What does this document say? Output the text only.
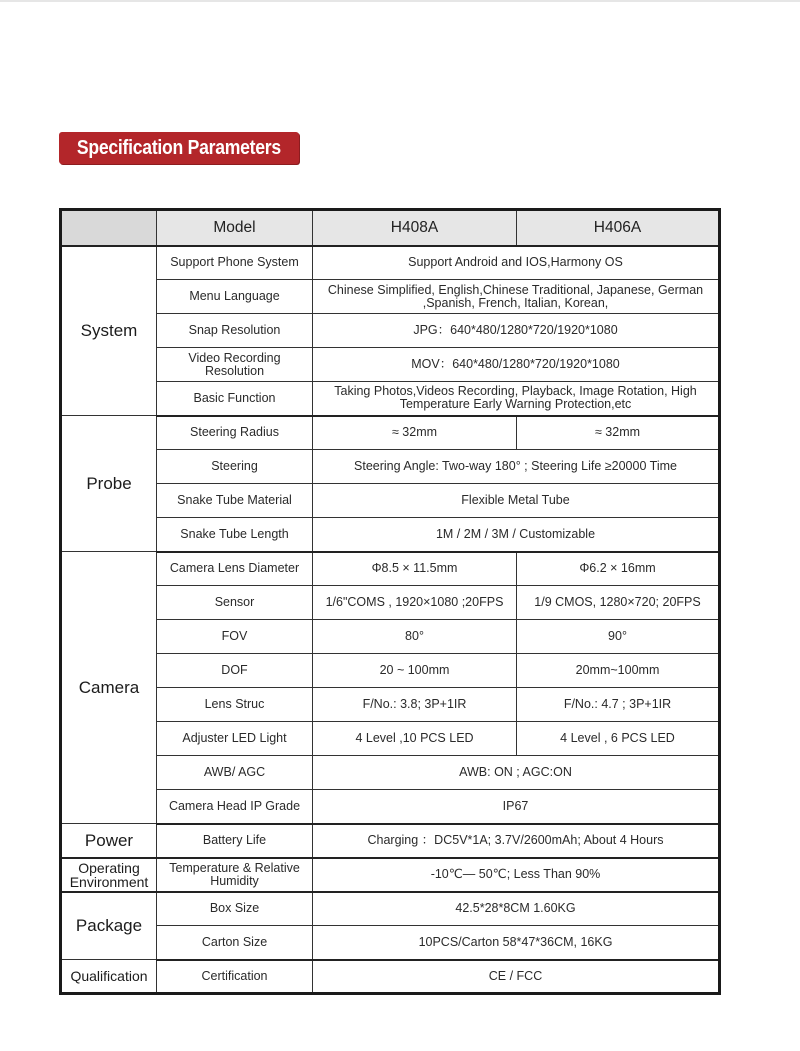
Specification Parameters
	Model	H408A	H406A
System	Support Phone System	Support Android and IOS,Harmony OS	
	Menu Language	Chinese Simplified, English,Chinese Traditional, Japanese, German ,Spanish, French, Italian, Korean,	
	Snap Resolution	JPG：640*480/1280*720/1920*1080	
	Video Recording Resolution	MOV：640*480/1280*720/1920*1080	
	Basic Function	Taking Photos,Videos Recording, Playback, Image Rotation, High Temperature Early Warning Protection,etc	
Probe	Steering Radius	≈ 32mm	≈ 32mm
	Steering	Steering Angle: Two-way 180° ; Steering Life ≥20000 Time	
	Snake Tube Material	Flexible Metal Tube	
	Snake Tube Length	1M / 2M / 3M / Customizable	
Camera	Camera Lens Diameter	Φ8.5 × 11.5mm	Φ6.2 × 16mm
	Sensor	1/6"COMS , 1920×1080 ;20FPS	1/9 CMOS, 1280×720; 20FPS
	FOV	80°	90°
	DOF	20 ~ 100mm	20mm~100mm
	Lens Struc	F/No.: 3.8; 3P+1IR	F/No.: 4.7 ; 3P+1IR
	Adjuster LED Light	4 Level ,10 PCS LED	4 Level , 6 PCS LED
	AWB/ AGC	AWB: ON ; AGC:ON	
	Camera Head IP Grade	IP67	
Power	Battery Life	Charging ：DC5V*1A; 3.7V/2600mAh; About 4 Hours	
Operating Environment	Temperature & Relative Humidity	-10℃— 50℃; Less Than 90%	
Package	Box Size	42.5*28*8CM 1.60KG	
	Carton Size	10PCS/Carton 58*47*36CM, 16KG	
Qualification	Certification	CE / FCC	
